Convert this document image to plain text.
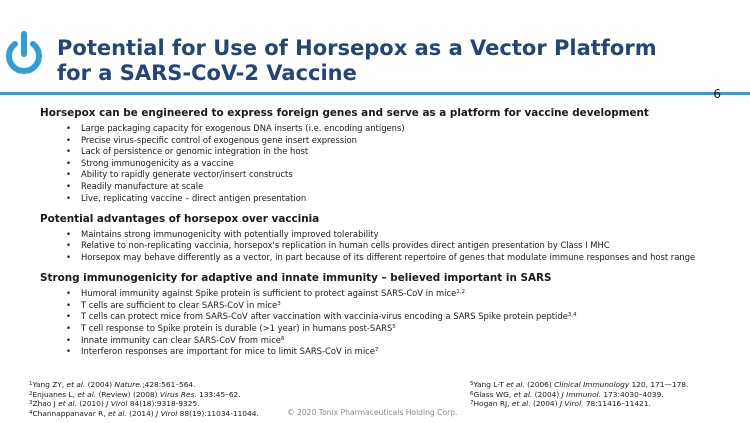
Potential for Use of Horsepox as a Vector Platform
for a SARS-CoV-2 Vaccine
6

Horsepox can be engineered to express foreign genes and serve as a platform for vaccine development

• Large packaging capacity for exogenous DNA inserts (i.e. encoding antigens)
• Precise virus-specific control of exogenous gene insert expression
• Lack of persistence or genomic integration in the host
• Strong immunogenicity as a vaccine
• Ability to rapidly generate vector/insert constructs
• Readily manufacture at scale
• Live, replicating vaccine – direct antigen presentation

Potential advantages of horsepox over vaccinia

• Maintains strong immunogenicity with potentially improved tolerability
• Relative to non-replicating vaccinia, horsepox's replication in human cells provides direct antigen presentation by Class I MHC
• Horsepox may behave differently as a vector, in part because of its different repertoire of genes that modulate immune responses and host range

Strong immunogenicity for adaptive and innate immunity – believed important in SARS

• Humoral immunity against Spike protein is sufficient to protect against SARS-CoV in mice$^{1,2}$
• T cells are sufficient to clear SARS-CoV in mice$^3$
• T cells can protect mice from SARS-CoV after vaccination with vaccinia-virus encoding a SARS Spike protein peptide$^{3,4}$
• T cell response to Spike protein is durable (>1 year) in humans post-SARS$^5$
• Innate immunity can clear SARS-CoV from mice$^6$
• Interferon responses are important for mice to limit SARS-CoV in mice$^7$
$^1$Yang ZY, et al. (2004) Nature.;428:561–564.
$^2$Enjuanes L, et al. (Review) (2008) Virus Res. 133:45–62.
$^3$Zhao J et al. (2010) J Virol 84(18):9318-9325.
$^4$Channappanavar R, et al. (2014) J Virol 88(19):11034-11044.
$^5$Yang L-T et al. (2006) Clinical Immunology 120, 171—178.
$^6$Glass WG, et al. (2004) J Immunol. 173:4030–4039.
$^7$Hogan RJ, et al. (2004) J Virol. 78:11416–11421.
© 2020 Tonix Pharmaceuticals Holding Corp.
